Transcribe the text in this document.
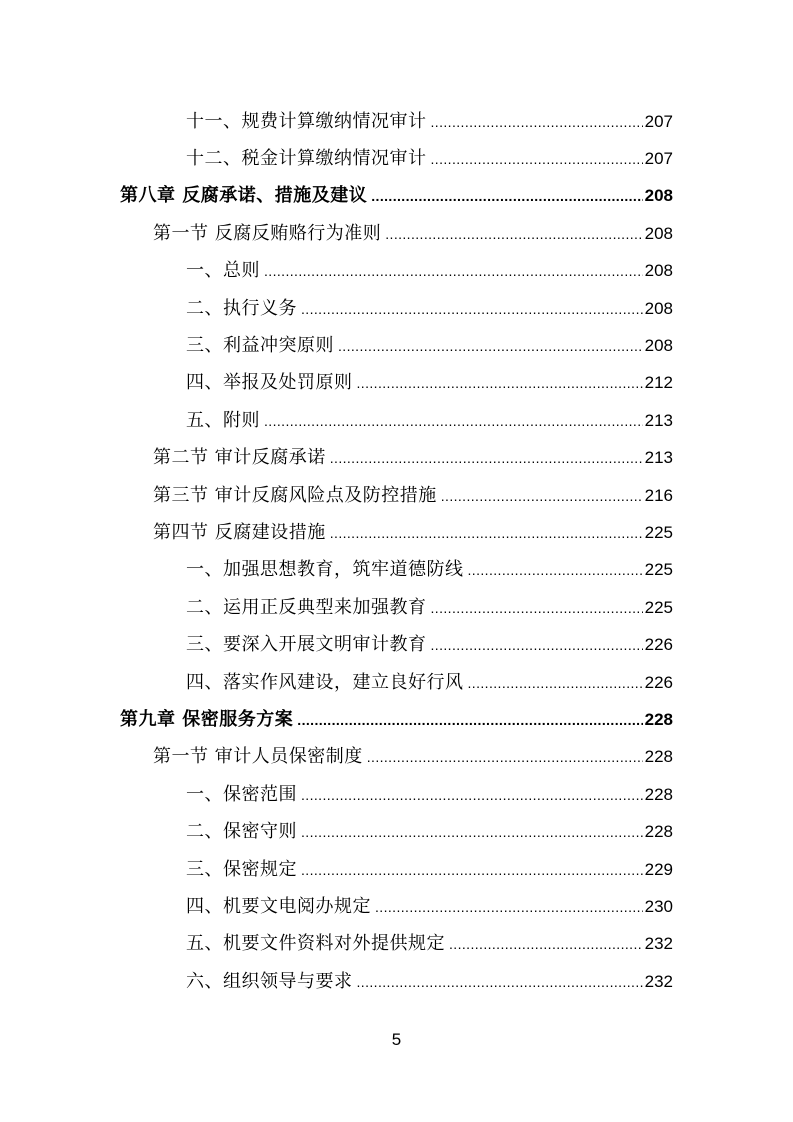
十一、规费计算缴纳情况审计 .....	207
十二、税金计算缴纳情况审计 .....	207
第八章 反腐承诺、措施及建议 .....	208
第一节 反腐反贿赂行为准则 .....	208
一、总则 .....	208
二、执行义务 .....	208
三、利益冲突原则 .....	208
四、举报及处罚原则 .....	212
五、附则 .....	213
第二节 审计反腐承诺 .....	213
第三节 审计反腐风险点及防控措施 .....	216
第四节 反腐建设措施 .....	225
一、加强思想教育，筑牢道德防线 .....	225
二、运用正反典型来加强教育 .....	225
三、要深入开展文明审计教育 .....	226
四、落实作风建设，建立良好行风 .....	226
第九章 保密服务方案 .....	228
第一节 审计人员保密制度 .....	228
一、保密范围 .....	228
二、保密守则 .....	228
三、保密规定 .....	229
四、机要文电阅办规定 .....	230
五、机要文件资料对外提供规定 .....	232
六、组织领导与要求 .....	232
5
